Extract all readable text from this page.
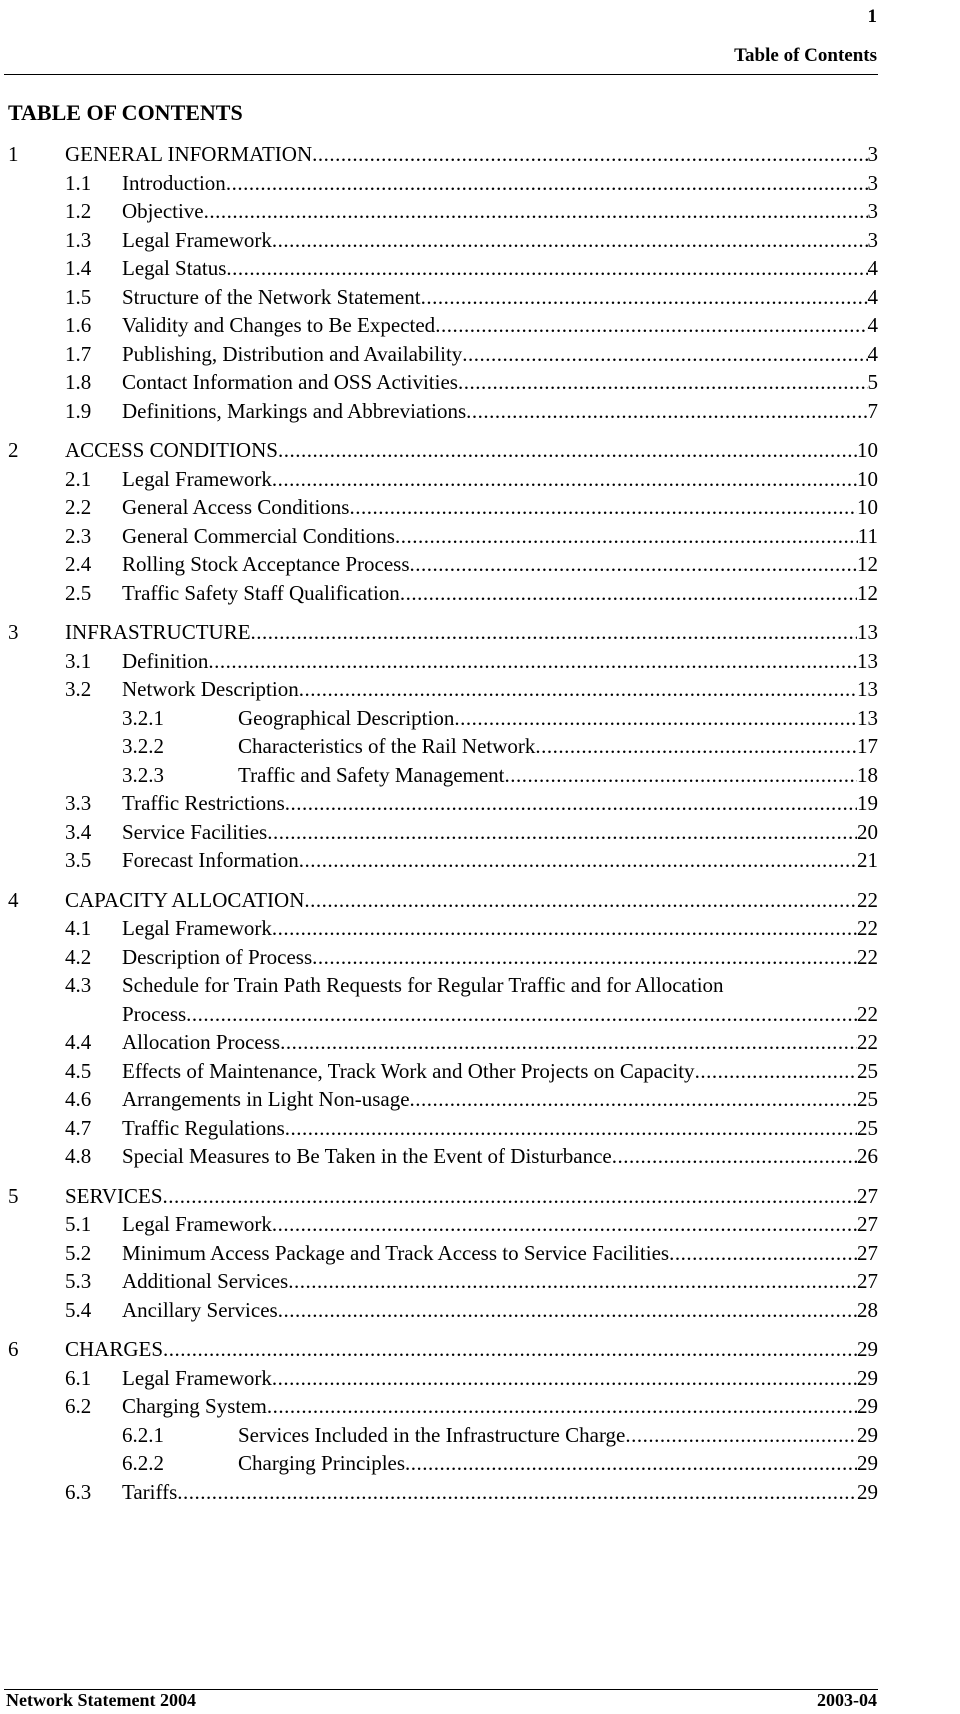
1
Table of Contents
TABLE OF CONTENTS
1 GENERAL INFORMATION .....	3
1.1 Introduction .....	3
1.2 Objective .....	3
1.3 Legal Framework .....	3
1.4 Legal Status .....	4
1.5 Structure of the Network Statement .....	4
1.6 Validity and Changes to Be Expected .....	4
1.7 Publishing, Distribution and Availability .....	4
1.8 Contact Information and OSS Activities .....	5
1.9 Definitions, Markings and Abbreviations .....	7
2 ACCESS CONDITIONS .....	10
2.1 Legal Framework .....	10
2.2 General Access Conditions .....	10
2.3 General Commercial Conditions .....	11
2.4 Rolling Stock Acceptance Process .....	12
2.5 Traffic Safety Staff Qualification .....	12
3 INFRASTRUCTURE .....	13
3.1 Definition .....	13
3.2 Network Description .....	13
3.2.1	Geographical Description .....	13
3.2.2	Characteristics of the Rail Network .....	17
3.2.3	Traffic and Safety Management .....	18
3.3 Traffic Restrictions .....	19
3.4 Service Facilities .....	20
3.5 Forecast Information .....	21
4 CAPACITY ALLOCATION .....	22
4.1 Legal Framework .....	22
4.2 Description of Process .....	22
4.3 Schedule for Train Path Requests for Regular Traffic and for Allocation
Process .....	22
4.4 Allocation Process .....	22
4.5 Effects of Maintenance, Track Work and Other Projects on Capacity .....	25
4.6 Arrangements in Light Non-usage .....	25
4.7 Traffic Regulations .....	25
4.8 Special Measures to Be Taken in the Event of Disturbance .....	26
5 SERVICES .....	27
5.1 Legal Framework .....	27
5.2 Minimum Access Package and Track Access to Service Facilities .....	27
5.3 Additional Services .....	27
5.4 Ancillary Services .....	28
6 CHARGES .....	29
6.1 Legal Framework .....	29
6.2 Charging System .....	29
6.2.1	Services Included in the Infrastructure Charge .....	29
6.2.2	Charging Principles .....	29
6.3 Tariffs .....	29
Network Statement 2004	2003-04
